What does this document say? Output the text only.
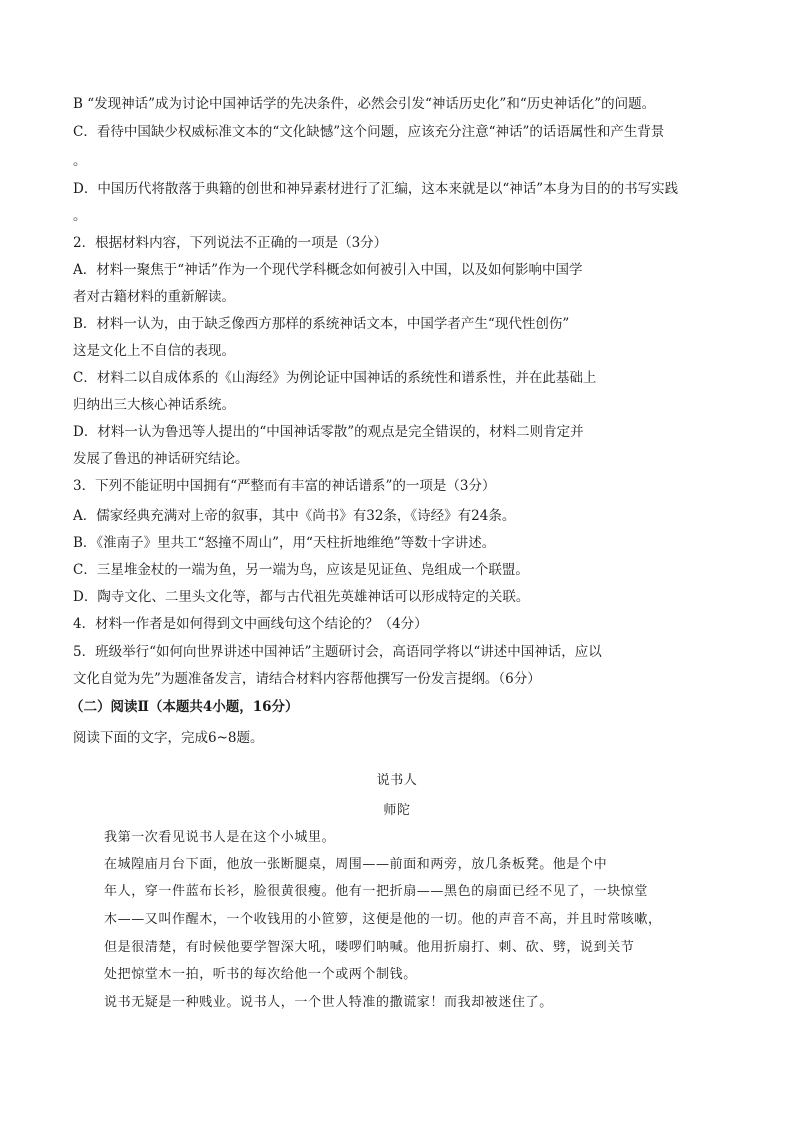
B “发现神话”成为讨论中国神话学的先决条件，必然会引发“神话历史化”和“历史神话化”的问题。
C．看待中国缺少权威标准文本的“文化缺憾”这个问题，应该充分注意“神话”的话语属性和产生背景
。
D．中国历代将散落于典籍的创世和神异素材进行了汇编，这本来就是以“神话”本身为目的的书写实践
。
2．根据材料内容，下列说法不正确的一项是（3分）
A．材料一聚焦于“神话”作为一个现代学科概念如何被引入中国，以及如何影响中国学
者对古籍材料的重新解读。
B．材料一认为，由于缺乏像西方那样的系统神话文本，中国学者产生“现代性创伤”
这是文化上不自信的表现。
C．材料二以自成体系的《山海经》为例论证中国神话的系统性和谱系性，并在此基础上
归纳出三大核心神话系统。
D．材料一认为鲁迅等人提出的“中国神话零散”的观点是完全错误的，材料二则肯定并
发展了鲁迅的神话研究结论。
3．下列不能证明中国拥有“严整而有丰富的神话谱系”的一项是（3分）
A．儒家经典充满对上帝的叙事，其中《尚书》有32条，《诗经》有24条。
B．《淮南子》里共工“怒撞不周山”，用“天柱折地维绝”等数十字讲述。
C．三星堆金杖的一端为鱼，另一端为鸟，应该是见证鱼、凫组成一个联盟。
D．陶寺文化、二里头文化等，都与古代祖先英雄神话可以形成特定的关联。
4．材料一作者是如何得到文中画线句这个结论的？（4分）
5．班级举行“如何向世界讲述中国神话”主题研讨会，高语同学将以“讲述中国神话，应以
文化自觉为先”为题准备发言，请结合材料内容帮他撰写一份发言提纲。（6分）
（二）阅读Ⅱ（本题共4小题，16分）
阅读下面的文字，完成6~8题。
说书人
师陀
我第一次看见说书人是在这个小城里。
在城隍庙月台下面，他放一张断腿桌，周围——前面和两旁，放几条板凳。他是个中
年人，穿一件蓝布长衫，脸很黄很瘦。他有一把折扇——黑色的扇面已经不见了，一块惊堂
木——又叫作醒木，一个收钱用的小笸箩，这便是他的一切。他的声音不高，并且时常咳嗽，
但是很清楚，有时候他要学智深大吼，喽啰们呐喊。他用折扇打、刺、砍、劈，说到关节
处把惊堂木一拍，听书的每次给他一个或两个制钱。
说书无疑是一种贱业。说书人，一个世人特准的撒谎家！而我却被迷住了。
